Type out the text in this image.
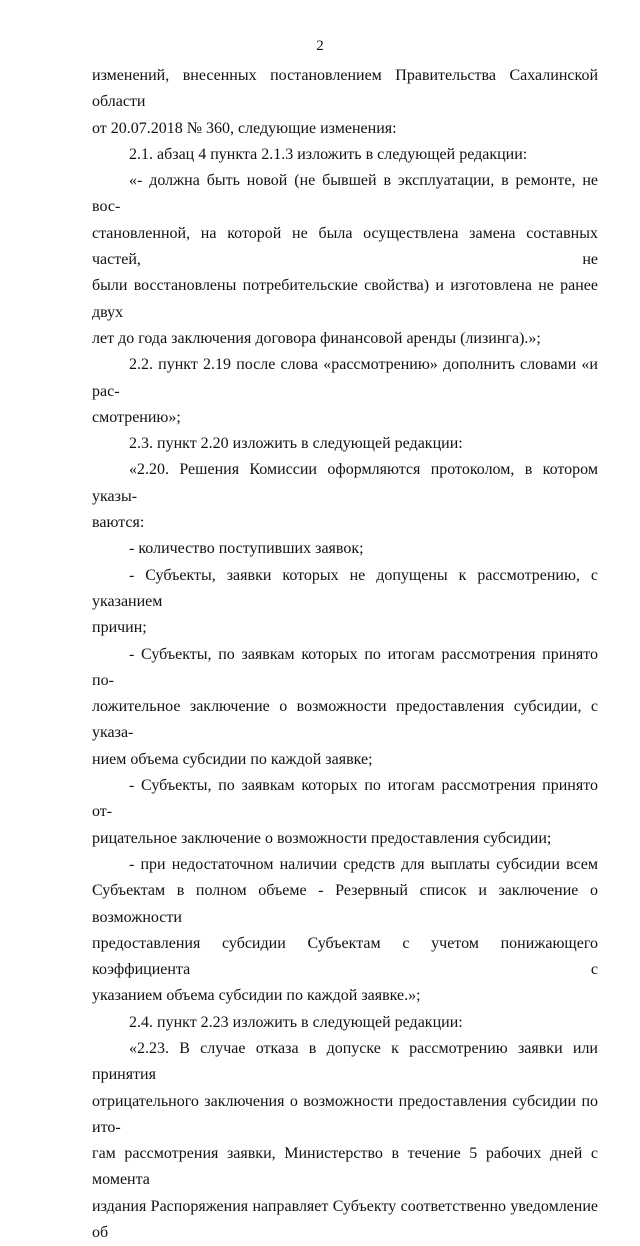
2

изменений, внесенных постановлением Правительства Сахалинской области

от 20.07.2018 № 360, следующие изменения:

2.1. абзац 4 пункта 2.1.3 изложить в следующей редакции:

«- должна быть новой (не бывшей в эксплуатации, в ремонте, не вос-

становленной, на которой не была осуществлена замена составных частей, не

были восстановлены потребительские свойства) и изготовлена не ранее двух

лет до года заключения договора финансовой аренды (лизинга).»;

2.2. пункт 2.19 после слова «рассмотрению» дополнить словами «и рас-

смотрению»;

2.3. пункт 2.20 изложить в следующей редакции:

«2.20. Решения Комиссии оформляются протоколом, в котором указы-

ваются:

- количество поступивших заявок;

- Субъекты, заявки которых не допущены к рассмотрению, с указанием

причин;

- Субъекты, по заявкам которых по итогам рассмотрения принято по-

ложительное заключение о возможности предоставления субсидии, с указа-

нием объема субсидии по каждой заявке;

- Субъекты, по заявкам которых по итогам рассмотрения принято от-

рицательное заключение о возможности предоставления субсидии;

- при недостаточном наличии средств для выплаты субсидии всем

Субъектам в полном объеме - Резервный список и заключение о возможности

предоставления субсидии Субъектам с учетом понижающего коэффициента с

указанием объема субсидии по каждой заявке.»;

2.4. пункт 2.23 изложить в следующей редакции:

«2.23. В случае отказа в допуске к рассмотрению заявки или принятия

отрицательного заключения о возможности предоставления субсидии по ито-

гам рассмотрения заявки, Министерство в течение 5 рабочих дней с момента

издания Распоряжения направляет Субъекту соответственно уведомление об
